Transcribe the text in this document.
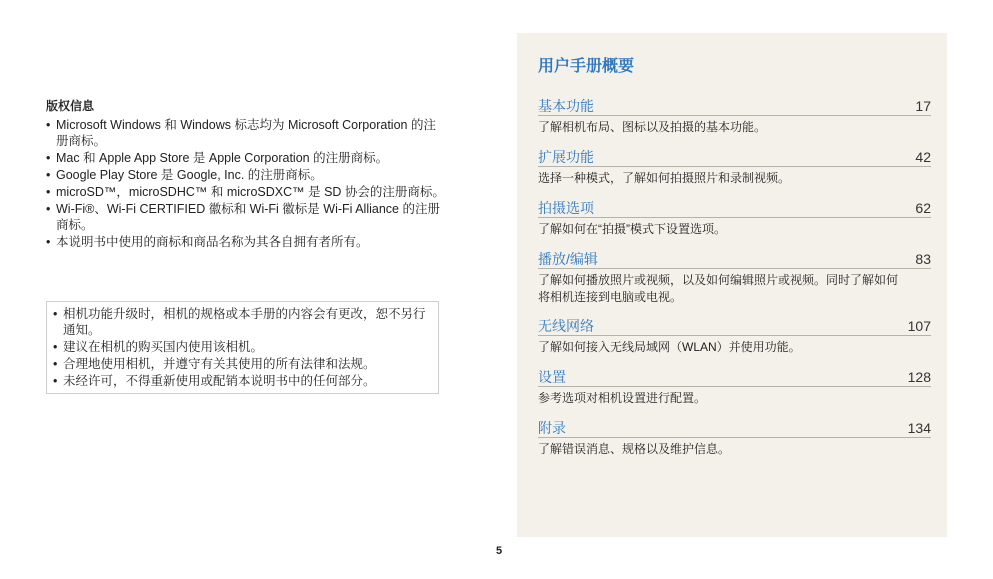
版权信息
• Microsoft Windows 和 Windows 标志均为 Microsoft Corporation 的注册商标。
• Mac 和 Apple App Store 是 Apple Corporation 的注册商标。
• Google Play Store 是 Google, Inc. 的注册商标。
• microSD™，microSDHC™ 和 microSDXC™ 是 SD 协会的注册商标。
• Wi-Fi®、Wi-Fi CERTIFIED 徽标和 Wi-Fi 徽标是 Wi-Fi Alliance 的注册商标。
• 本说明书中使用的商标和商品名称为其各自拥有者所有。
• 相机功能升级时，相机的规格或本手册的内容会有更改，恕不另行通知。
• 建议在相机的购买国内使用该相机。
• 合理地使用相机，并遵守有关其使用的所有法律和法规。
• 未经许可，不得重新使用或配销本说明书中的任何部分。
用户手册概要
基本功能	17
了解相机布局、图标以及拍摄的基本功能。
扩展功能	42
选择一种模式，了解如何拍摄照片和录制视频。
拍摄选项	62
了解如何在“拍摄”模式下设置选项。
播放/编辑	83
了解如何播放照片或视频，以及如何编辑照片或视频。同时了解如何将相机连接到电脑或电视。
无线网络	107
了解如何接入无线局域网（WLAN）并使用功能。
设置	128
参考选项对相机设置进行配置。
附录	134
了解错误消息、规格以及维护信息。
5
